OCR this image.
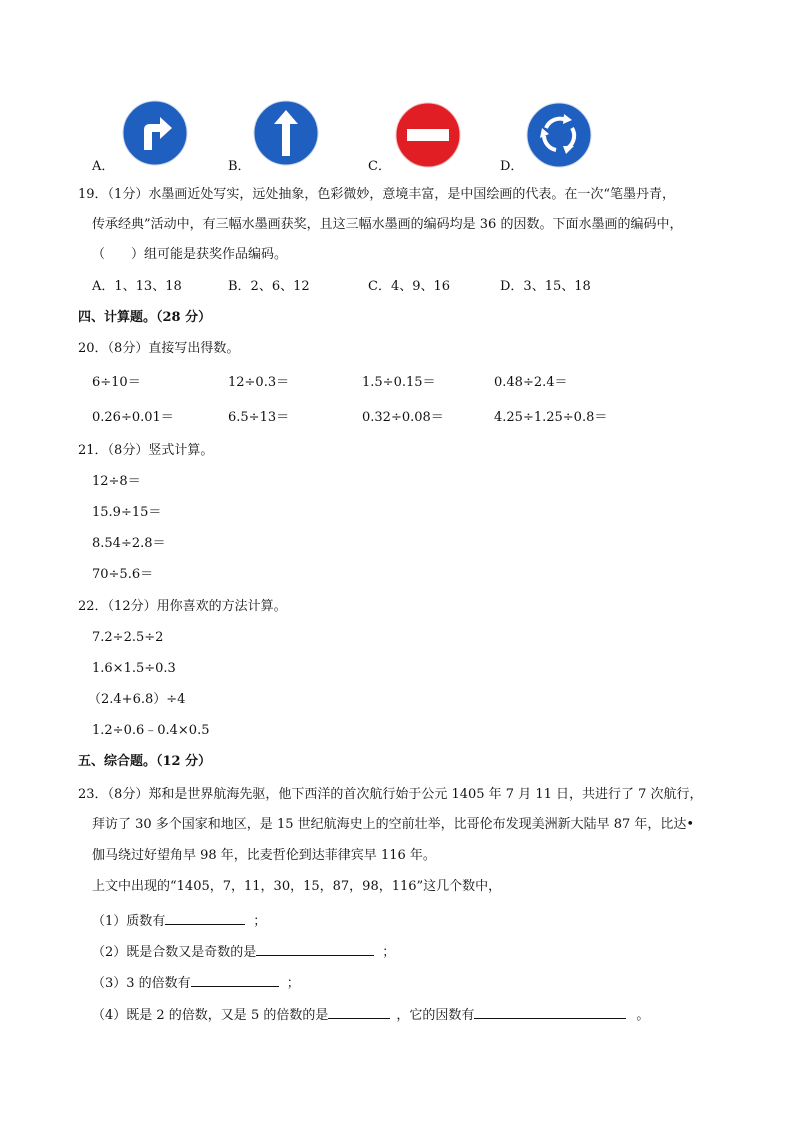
A．	B．	C．	D．
19．（1分）水墨画近处写实，远处抽象，色彩微妙，意境丰富，是中国绘画的代表。在一次“笔墨丹青，
传承经典”活动中，有三幅水墨画获奖，且这三幅水墨画的编码均是 36 的因数。下面水墨画的编码中，
（　　）组可能是获奖作品编码。
A．1、13、18	B．2、6、12	C．4、9、16	D．3、15、18
四、计算题。（28 分）
20．（8分）直接写出得数。
6÷10＝	12÷0.3＝	1.5÷0.15＝	0.48÷2.4＝
0.26÷0.01＝	6.5÷13＝	0.32÷0.08＝	4.25÷1.25÷0.8＝
21．（8分）竖式计算。
12÷8＝
15.9÷15＝
8.54÷2.8＝
70÷5.6＝
22．（12分）用你喜欢的方法计算。
7.2÷2.5÷2
1.6×1.5÷0.3
（2.4+6.8）÷4
1.2÷0.6﹣0.4×0.5
五、综合题。（12 分）
23．（8分）郑和是世界航海先驱，他下西洋的首次航行始于公元 1405 年 7 月 11 日，共进行了 7 次航行，
拜访了 30 多个国家和地区，是 15 世纪航海史上的空前壮举，比哥伦布发现美洲新大陆早 87 年，比达•
伽马绕过好望角早 98 年，比麦哲伦到达菲律宾早 116 年。
上文中出现的“1405，7，11，30，15，87，98，116”这几个数中，
（1）质数有	；
（2）既是合数又是奇数的是	；
（3）3 的倍数有	；
（4）既是 2 的倍数，又是 5 的倍数的是	，它的因数有	。
